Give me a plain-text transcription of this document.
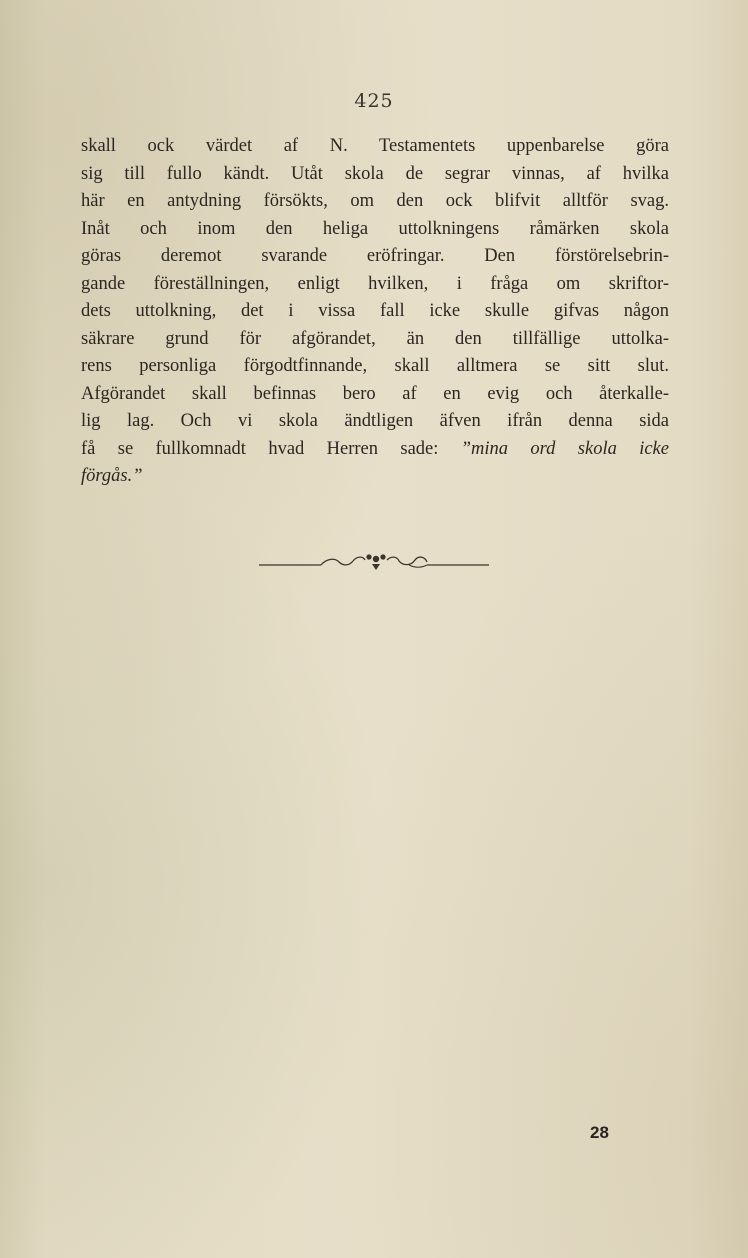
425
skall ock värdet af N. Testamentets uppenbarelse göra
sig till fullo kändt. Utåt skola de segrar vinnas, af hvilka
här en antydning försökts, om den ock blifvit alltför svag.
Inåt och inom den heliga uttolkningens råmärken skola
göras deremot svarande eröfringar. Den förstörelsebrin-
gande föreställningen, enligt hvilken, i fråga om skriftor-
dets uttolkning, det i vissa fall icke skulle gifvas någon
säkrare grund för afgörandet, än den tillfällige uttolka-
rens personliga förgodtfinnande, skall alltmera se sitt slut.
Afgörandet skall befinnas bero af en evig och återkalle-
lig lag. Och vi skola ändtligen äfven ifrån denna sida
få se fullkomnadt hvad Herren sade: ”mina ord skola icke
förgås.”
28
